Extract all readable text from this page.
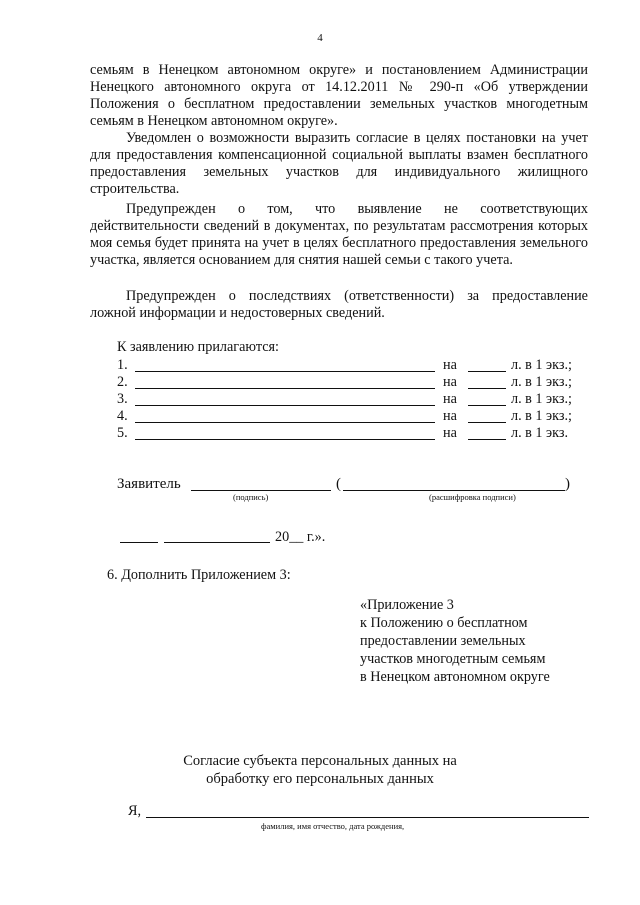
4
семьям в Ненецком автономном округе» и постановлением Администрации Ненецкого автономного округа от 14.12.2011 № 290-п «Об утверждении Положения о бесплатном предоставлении земельных участков многодетным семьям в Ненецком автономном округе».
Уведомлен о возможности выразить согласие в целях постановки на учет для предоставления компенсационной социальной выплаты взамен бесплатного предоставления земельных участков для индивидуального жилищного строительства.
Предупрежден о том, что выявление не соответствующих действительности сведений в документах, по результатам рассмотрения которых моя семья будет принята на учет в целях бесплатного предоставления земельного участка, является основанием для снятия нашей семьи с такого учета.
Предупрежден о последствиях (ответственности) за предоставление ложной информации и недостоверных сведений.
К заявлению прилагаются:
1.	на	л. в 1 экз.;
2.	на	л. в 1 экз.;
3.	на	л. в 1 экз.;
4.	на	л. в 1 экз.;
5.	на	л. в 1 экз.
Заявитель	(	)
(подпись)	(расшифровка подписи)
20__ г.».
6. Дополнить Приложением 3:
«Приложение 3
к Положению о бесплатном
предоставлении земельных
участков многодетным семьям
в Ненецком автономном округе
Согласие субъекта персональных данных на
обработку его персональных данных
Я,
фамилия, имя отчество, дата рождения,
